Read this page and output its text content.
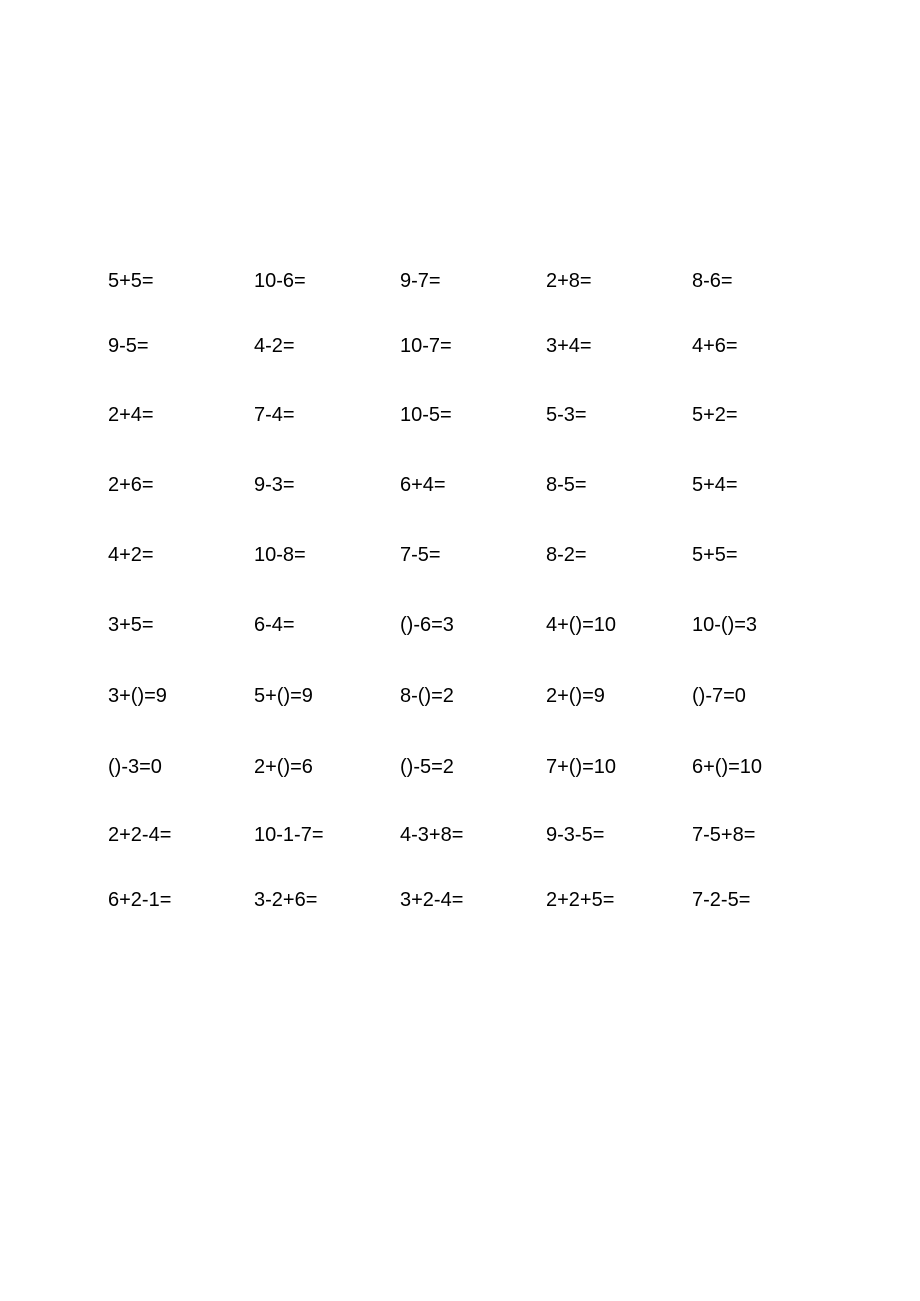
5+5=	10-6=	9-7=	2+8=	8-6=
9-5=	4-2=	10-7=	3+4=	4+6=
2+4=	7-4=	10-5=	5-3=	5+2=
2+6=	9-3=	6+4=	8-5=	5+4=
4+2=	10-8=	7-5=	8-2=	5+5=
3+5=	6-4=	()-6=3	4+()=10	10-()=3
3+()=9	5+()=9	8-()=2	2+()=9	()-7=0
()-3=0	2+()=6	()-5=2	7+()=10	6+()=10
2+2-4=	10-1-7=	4-3+8=	9-3-5=	7-5+8=
6+2-1=	3-2+6=	3+2-4=	2+2+5=	7-2-5=
